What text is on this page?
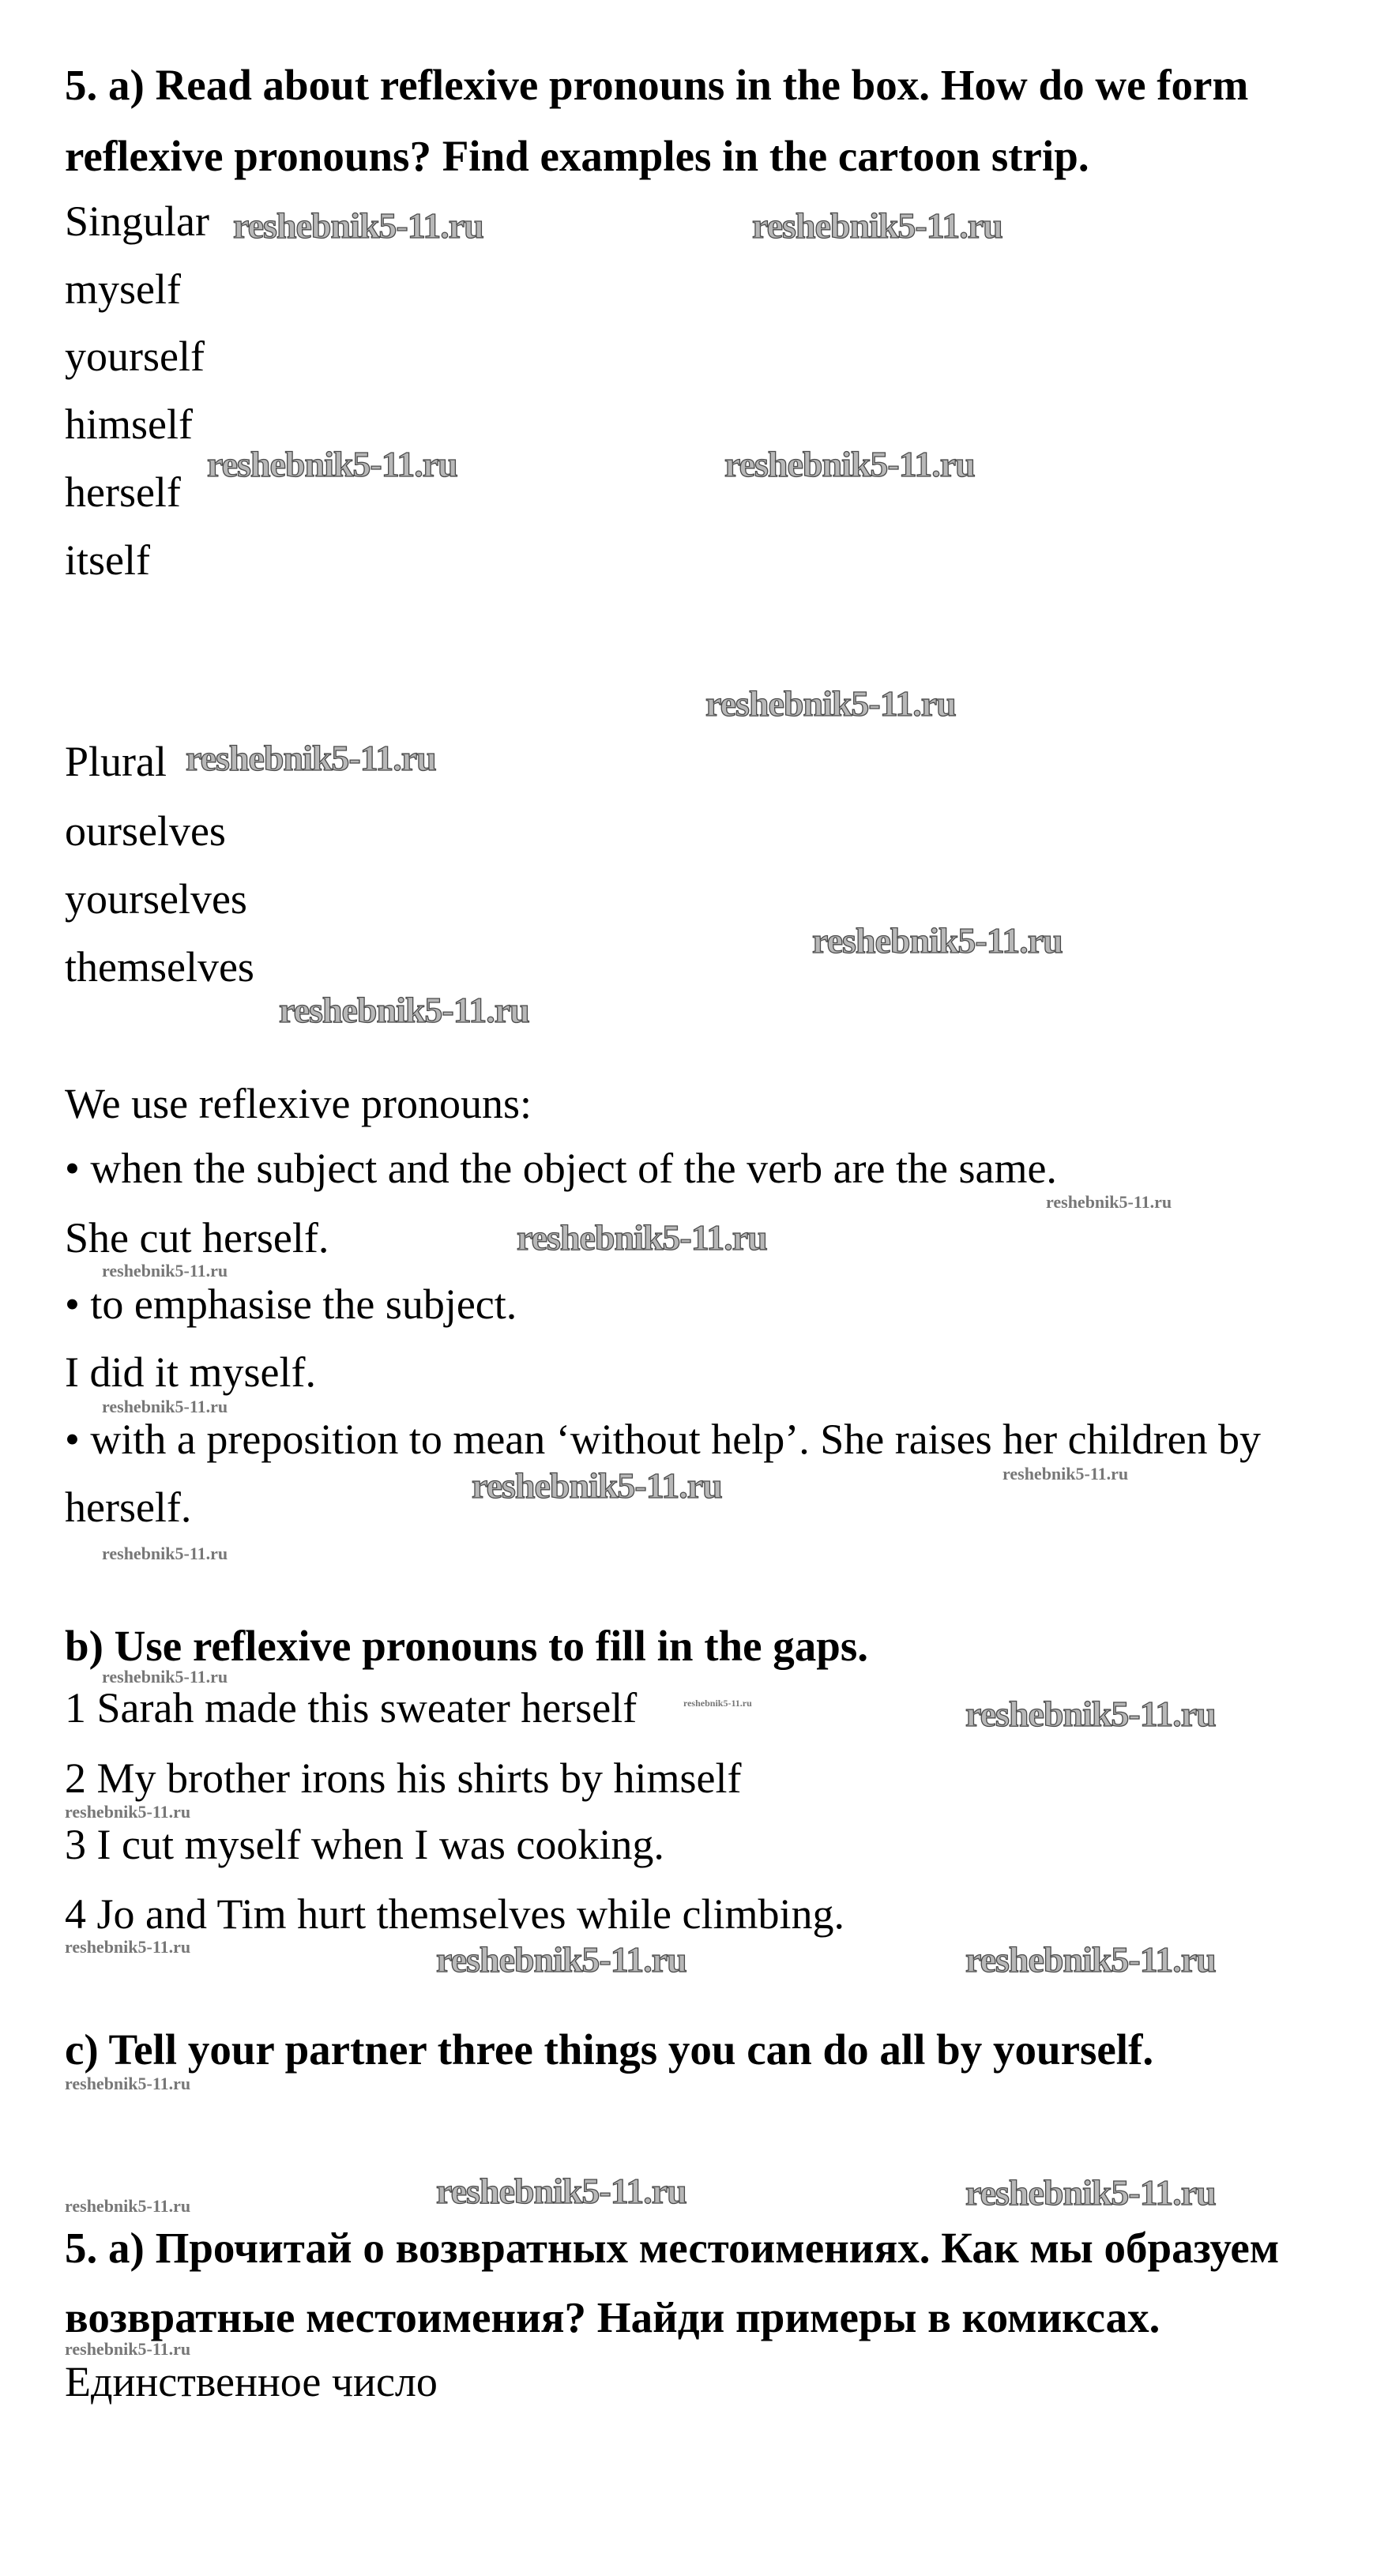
5. a) Read about reflexive pronouns in the box. How do we form
reflexive pronouns? Find examples in the cartoon strip.
Singular
myself
yourself
himself
herself
itself
Plural
ourselves
yourselves
themselves
We use reflexive pronouns:
• when the subject and the object of the verb are the same.
She cut herself.
• to emphasise the subject.
I did it myself.
• with a preposition to mean ‘without help’. She raises her children by
herself.
b) Use reflexive pronouns to fill in the gaps.
1 Sarah made this sweater herself
2 My brother irons his shirts by himself
3 I cut myself when I was cooking.
4 Jo and Tim hurt themselves while climbing.
c) Tell your partner three things you can do all by yourself.
5. а) Прочитай о возвратных местоимениях. Как мы образуем
возвратные местоимения? Найди примеры в комиксах.
Единственное число
reshebnik5-11.ru	reshebnik5-11.ru
reshebnik5-11.ru	reshebnik5-11.ru
reshebnik5-11.ru
reshebnik5-11.ru
reshebnik5-11.ru
reshebnik5-11.ru
reshebnik5-11.ru
reshebnik5-11.ru
reshebnik5-11.ru
reshebnik5-11.ru	reshebnik5-11.ru
reshebnik5-11.ru	reshebnik5-11.ru
reshebnik5-11.ru
reshebnik5-11.ru
reshebnik5-11.ru
reshebnik5-11.ru
reshebnik5-11.ru
reshebnik5-11.ru
reshebnik5-11.ru
reshebnik5-11.ru
reshebnik5-11.ru
reshebnik5-11.ru
reshebnik5-11.ru
reshebnik5-11.ru
